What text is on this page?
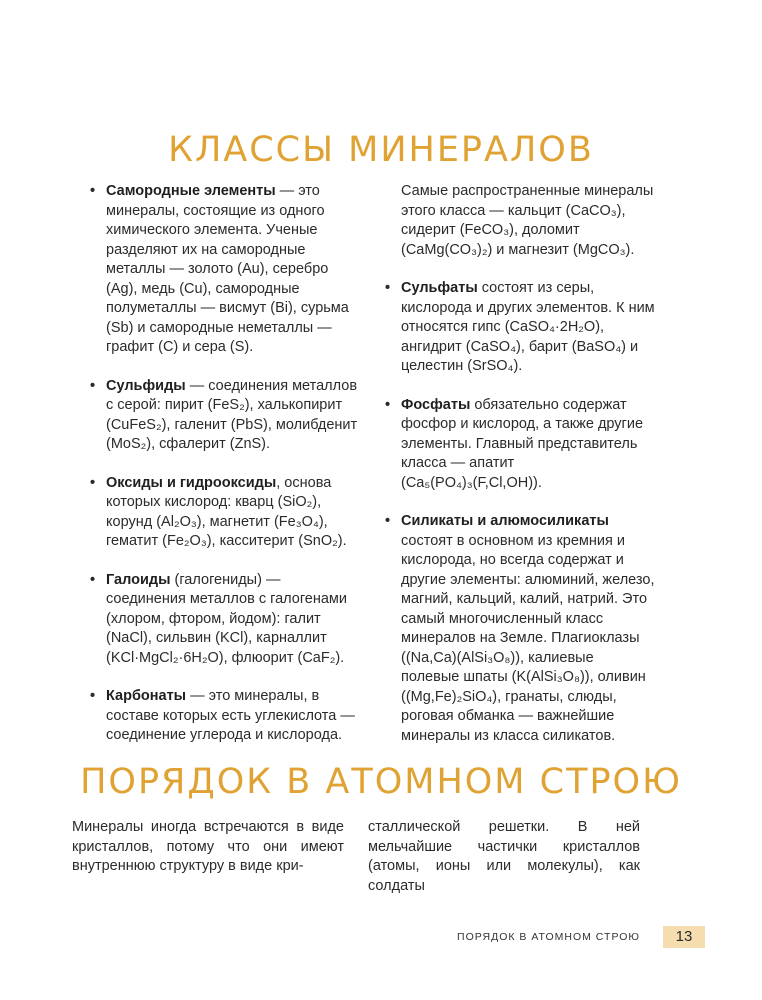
КЛАССЫ МИНЕРАЛОВ
• Самородные элементы — это минералы, состоящие из одного химического элемента. Ученые разделяют их на самородные металлы — золото (Au), серебро (Ag), медь (Cu), самородные полуметаллы — висмут (Bi), сурьма (Sb) и самородные неметаллы — графит (C) и сера (S).
• Сульфиды — соединения металлов с серой: пирит (FeS₂), халькопирит (CuFeS₂), галенит (PbS), молибденит (MoS₂), сфалерит (ZnS).
• Оксиды и гидрооксиды, основа которых кислород: кварц (SiO₂), корунд (Al₂O₃), магнетит (Fe₃O₄), гематит (Fe₂O₃), касситерит (SnO₂).
• Галоиды (галогениды) — соединения металлов с галогенами (хлором, фтором, йодом): галит (NaCl), сильвин (KCl), карналлит (KCl·MgCl₂·6H₂O), флюорит (CaF₂).
• Карбонаты — это минералы, в составе которых есть углекислота — соединение углерода и кислорода.
Самые распространенные минералы этого класса — кальцит (CaCO₃), сидерит (FeCO₃), доломит (CaMg(CO₃)₂) и магнезит (MgCO₃).
• Сульфаты состоят из серы, кислорода и других элементов. К ним относятся гипс (CaSO₄·2H₂O), ангидрит (CaSO₄), барит (BaSO₄) и целестин (SrSO₄).
• Фосфаты обязательно содержат фосфор и кислород, а также другие элементы. Главный представитель класса — апатит (Ca₅(PO₄)₃(F,Cl,OH)).
• Силикаты и алюмосиликаты состоят в основном из кремния и кислорода, но всегда содержат и другие элементы: алюминий, железо, магний, кальций, калий, натрий. Это самый многочисленный класс минералов на Земле. Плагиоклазы ((Na,Ca)(AlSi₃O₈)), калиевые полевые шпаты (K(AlSi₃O₈)), оливин ((Mg,Fe)₂SiO₄), гранаты, слюды, роговая обманка — важнейшие минералы из класса силикатов.
ПОРЯДОК В АТОМНОМ СТРОЮ
Минералы иногда встречаются в виде кристаллов, потому что они имеют внутреннюю структуру в виде кри-
сталлической решетки. В ней мельчайшие частички кристаллов (атомы, ионы или молекулы), как солдаты
ПОРЯДОК В АТОМНОМ СТРОЮ	13
